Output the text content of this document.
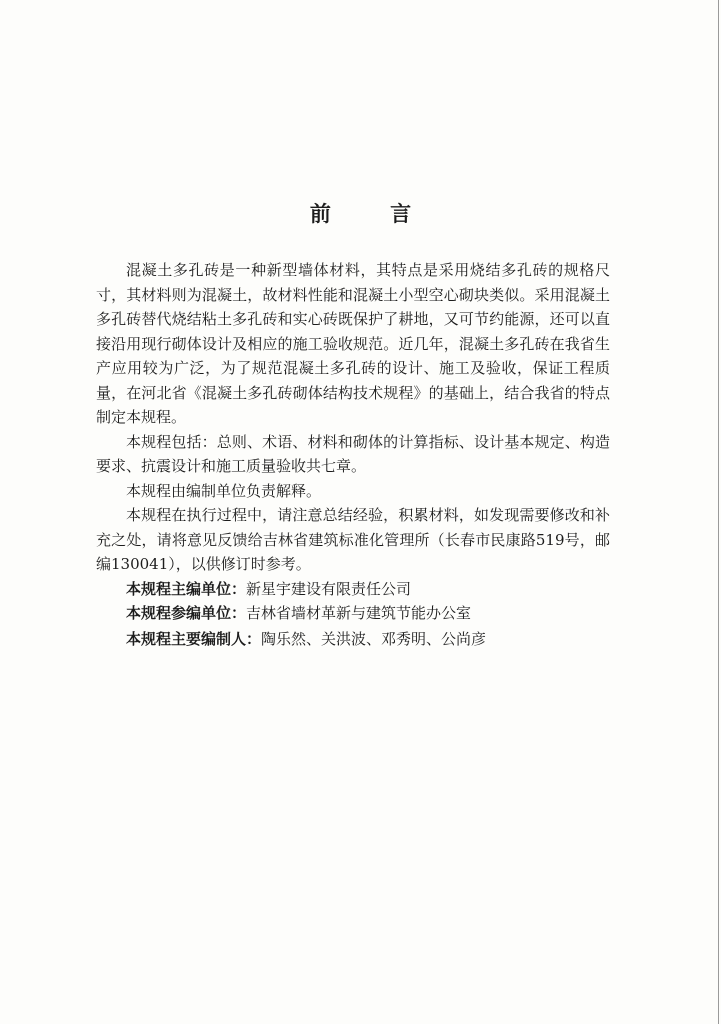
前 言

混凝土多孔砖是一种新型墙体材料，其特点是采用烧结多孔砖的规格尺寸，其材料则为混凝土，故材料性能和混凝土小型空心砌块类似。采用混凝土多孔砖替代烧结粘土多孔砖和实心砖既保护了耕地，又可节约能源，还可以直接沿用现行砌体设计及相应的施工验收规范。近几年，混凝土多孔砖在我省生产应用较为广泛，为了规范混凝土多孔砖的设计、施工及验收，保证工程质量，在河北省《混凝土多孔砖砌体结构技术规程》的基础上，结合我省的特点制定本规程。

本规程包括：总则、术语、材料和砌体的计算指标、设计基本规定、构造要求、抗震设计和施工质量验收共七章。

本规程由编制单位负责解释。

本规程在执行过程中，请注意总结经验，积累材料，如发现需要修改和补充之处，请将意见反馈给吉林省建筑标准化管理所（长春市民康路519号，邮编130041），以供修订时参考。

本规程主编单位：新星宇建设有限责任公司

本规程参编单位：吉林省墙材革新与建筑节能办公室

本规程主要编制人：陶乐然、关洪波、邓秀明、公尚彦
